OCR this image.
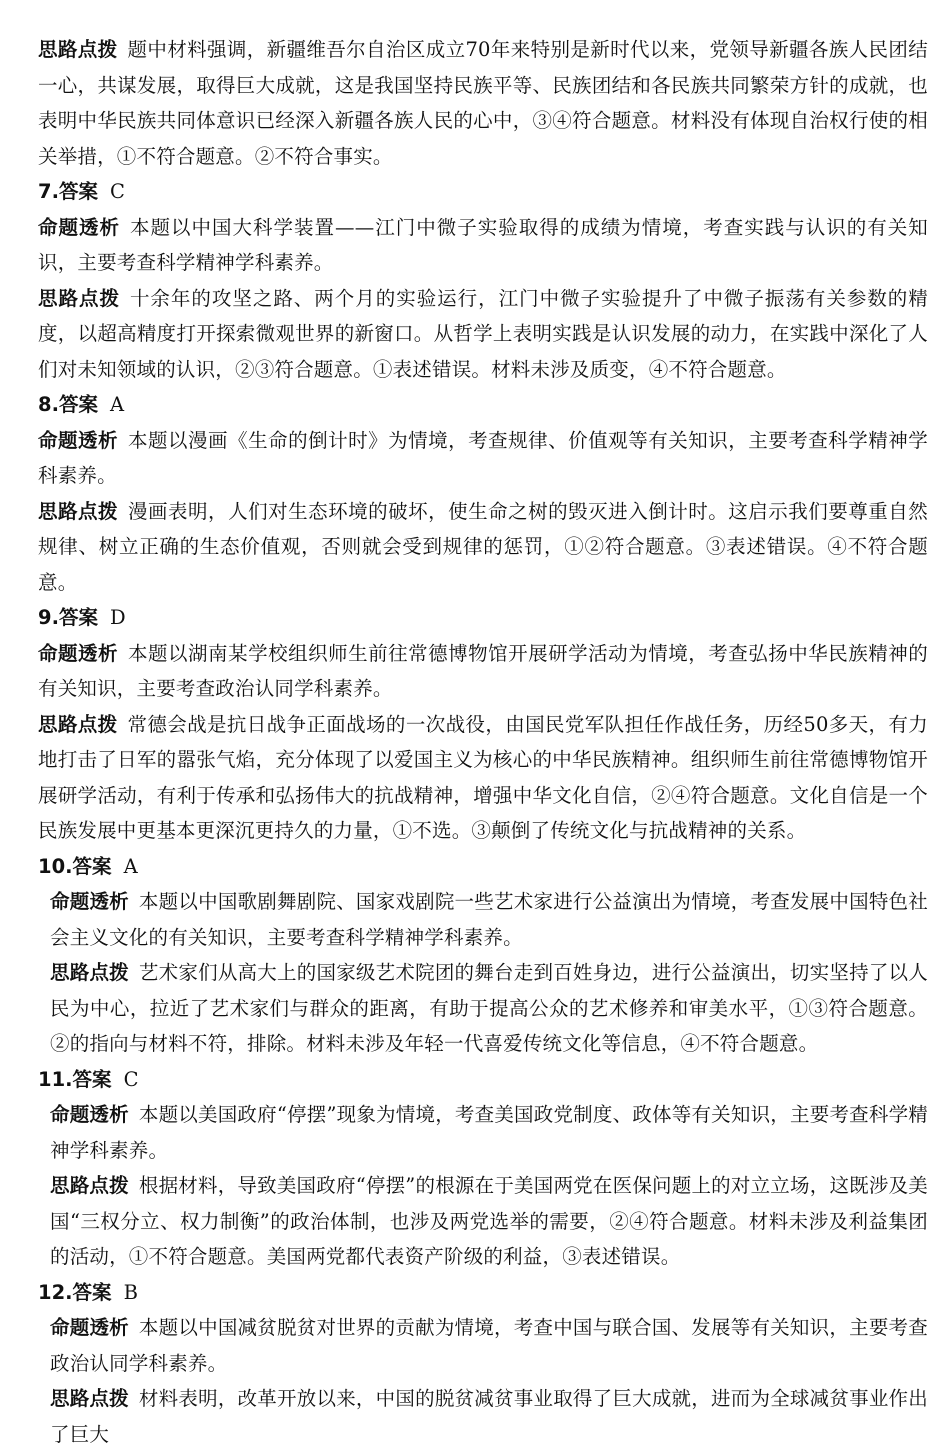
思路点拨 题中材料强调，新疆维吾尔自治区成立70年来特别是新时代以来，党领导新疆各族人民团结一心，共谋发展，取得巨大成就，这是我国坚持民族平等、民族团结和各民族共同繁荣方针的成就，也表明中华民族共同体意识已经深入新疆各族人民的心中，③④符合题意。材料没有体现自治权行使的相关举措，①不符合题意。②不符合事实。

7.答案 C

命题透析 本题以中国大科学装置——江门中微子实验取得的成绩为情境，考查实践与认识的有关知识，主要考查科学精神学科素养。

思路点拨 十余年的攻坚之路、两个月的实验运行，江门中微子实验提升了中微子振荡有关参数的精度，以超高精度打开探索微观世界的新窗口。从哲学上表明实践是认识发展的动力，在实践中深化了人们对未知领域的认识，②③符合题意。①表述错误。材料未涉及质变，④不符合题意。

8.答案 A

命题透析 本题以漫画《生命的倒计时》为情境，考查规律、价值观等有关知识，主要考查科学精神学科素养。

思路点拨 漫画表明，人们对生态环境的破坏，使生命之树的毁灭进入倒计时。这启示我们要尊重自然规律、树立正确的生态价值观，否则就会受到规律的惩罚，①②符合题意。③表述错误。④不符合题意。

9.答案 D

命题透析 本题以湖南某学校组织师生前往常德博物馆开展研学活动为情境，考查弘扬中华民族精神的有关知识，主要考查政治认同学科素养。

思路点拨 常德会战是抗日战争正面战场的一次战役，由国民党军队担任作战任务，历经50多天，有力地打击了日军的嚣张气焰，充分体现了以爱国主义为核心的中华民族精神。组织师生前往常德博物馆开展研学活动，有利于传承和弘扬伟大的抗战精神，增强中华文化自信，②④符合题意。文化自信是一个民族发展中更基本更深沉更持久的力量，①不选。③颠倒了传统文化与抗战精神的关系。

10.答案 A

命题透析 本题以中国歌剧舞剧院、国家戏剧院一些艺术家进行公益演出为情境，考查发展中国特色社会主义文化的有关知识，主要考查科学精神学科素养。

思路点拨 艺术家们从高大上的国家级艺术院团的舞台走到百姓身边，进行公益演出，切实坚持了以人民为中心，拉近了艺术家们与群众的距离，有助于提高公众的艺术修养和审美水平，①③符合题意。②的指向与材料不符，排除。材料未涉及年轻一代喜爱传统文化等信息，④不符合题意。

11.答案 C

命题透析 本题以美国政府“停摆”现象为情境，考查美国政党制度、政体等有关知识，主要考查科学精神学科素养。

思路点拨 根据材料，导致美国政府“停摆”的根源在于美国两党在医保问题上的对立立场，这既涉及美国“三权分立、权力制衡”的政治体制，也涉及两党选举的需要，②④符合题意。材料未涉及利益集团的活动，①不符合题意。美国两党都代表资产阶级的利益，③表述错误。

12.答案 B

命题透析 本题以中国减贫脱贫对世界的贡献为情境，考查中国与联合国、发展等有关知识，主要考查政治认同学科素养。

思路点拨 材料表明，改革开放以来，中国的脱贫减贫事业取得了巨大成就，进而为全球减贫事业作出了巨大
